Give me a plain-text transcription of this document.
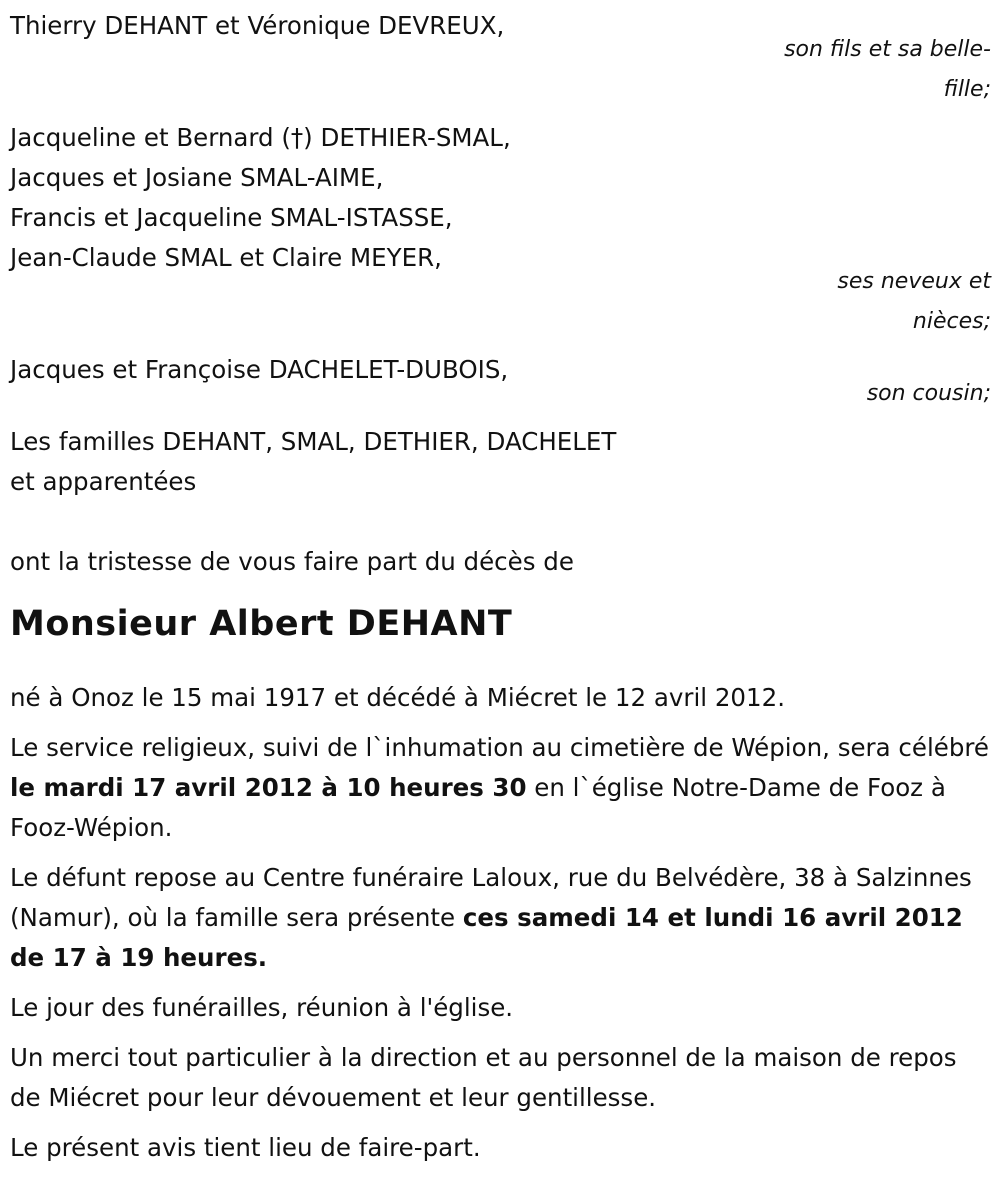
Thierry DEHANT et Véronique DEVREUX,

son fils et sa belle-fille;

Jacqueline et Bernard (†) DETHIER-SMAL,

Jacques et Josiane SMAL-AIME,

Francis et Jacqueline SMAL-ISTASSE,

Jean-Claude SMAL et Claire MEYER,

ses neveux et nièces;

Jacques et Françoise DACHELET-DUBOIS,

son cousin;

Les familles DEHANT, SMAL, DETHIER, DACHELET

et apparentées

ont la tristesse de vous faire part du décès de

Monsieur Albert DEHANT

né à Onoz le 15 mai 1917 et décédé à Miécret le 12 avril 2012.

Le service religieux, suivi de l`inhumation au cimetière de Wépion, sera célébré le mardi 17 avril 2012 à 10 heures 30 en l`église Notre-Dame de Fooz à Fooz-Wépion.

Le défunt repose au Centre funéraire Laloux, rue du Belvédère, 38 à Salzinnes (Namur), où la famille sera présente ces samedi 14 et lundi 16 avril 2012 de 17 à 19 heures.

Le jour des funérailles, réunion à l'église.

Un merci tout particulier à la direction et au personnel de la maison de repos de Miécret pour leur dévouement et leur gentillesse.

Le présent avis tient lieu de faire-part.
